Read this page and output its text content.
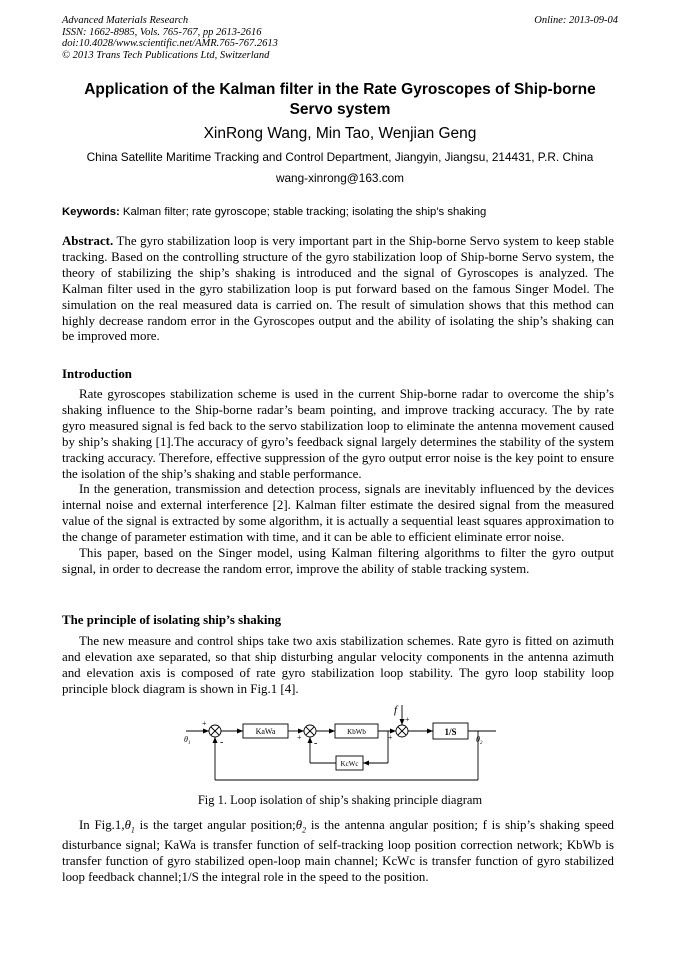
Advanced Materials Research
ISSN: 1662-8985, Vols. 765-767, pp 2613-2616
doi:10.4028/www.scientific.net/AMR.765-767.2613
© 2013 Trans Tech Publications Ltd, Switzerland
Online: 2013-09-04
Application of the Kalman filter in the Rate Gyroscopes of Ship-borne Servo system
XinRong Wang, Min Tao, Wenjian Geng
China Satellite Maritime Tracking and Control Department, Jiangyin, Jiangsu, 214431, P.R. China
wang-xinrong@163.com
Keywords: Kalman filter; rate gyroscope; stable tracking; isolating the ship’s shaking

Abstract. The gyro stabilization loop is very important part in the Ship-borne Servo system to keep stable tracking. Based on the controlling structure of the gyro stabilization loop of Ship-borne Servo system, the theory of stabilizing the ship’s shaking is introduced and the signal of Gyroscopes is analyzed. The Kalman filter used in the gyro stabilization loop is put forward based on the famous Singer Model. The simulation on the real measured data is carried on. The result of simulation shows that this method can highly decrease random error in the Gyroscopes output and the ability of isolating the ship’s shaking can be improved more.

Introduction

Rate gyroscopes stabilization scheme is used in the current Ship-borne radar to overcome the ship’s shaking influence to the Ship-borne radar’s beam pointing, and improve tracking accuracy. The by rate gyro measured signal is fed back to the servo stabilization loop to eliminate the antenna movement caused by ship’s shaking [1].The accuracy of gyro’s feedback signal largely determines the stability of the system tracking accuracy. Therefore, effective suppression of the gyro output error noise is the key point to ensure the isolation of the ship’s shaking and stable performance.

In the generation, transmission and detection process, signals are inevitably influenced by the devices internal noise and external interference [2]. Kalman filter estimate the desired signal from the measured value of the signal is extracted by some algorithm, it is actually a sequential least squares approximation to the change of parameter estimation with time, and it can be able to efficient eliminate error noise.

This paper, based on the Singer model, using Kalman filtering algorithms to filter the gyro output signal, in order to decrease the random error, improve the ability of stable tracking system.

The principle of isolating ship’s shaking

The new measure and control ships take two axis stabilization schemes. Rate gyro is fitted on azimuth and elevation axe separated, so that ship disturbing angular velocity components in the antenna azimuth and elevation axis is composed of rate gyro stabilization loop stability. The gyro loop stability loop principle block diagram is shown in Fig.1 [4].

KaWa	KbWb
KcWc
1/S
$\theta_1$	$\theta_2$
f
+
-	+
-
+
+
Fig 1. Loop isolation of ship’s shaking principle diagram

In $Fig.1,\theta_1$ is the target angular $position;\theta_2$ is the antenna angular position; f is ship’s shaking speed disturbance signal; KaWa is transfer function of self-tracking loop position correction network; KbWb is transfer function of gyro stabilized open-loop main channel; KcWc is transfer function of gyro stabilized loop feedback channel;1/S the integral role in the speed to the position.
